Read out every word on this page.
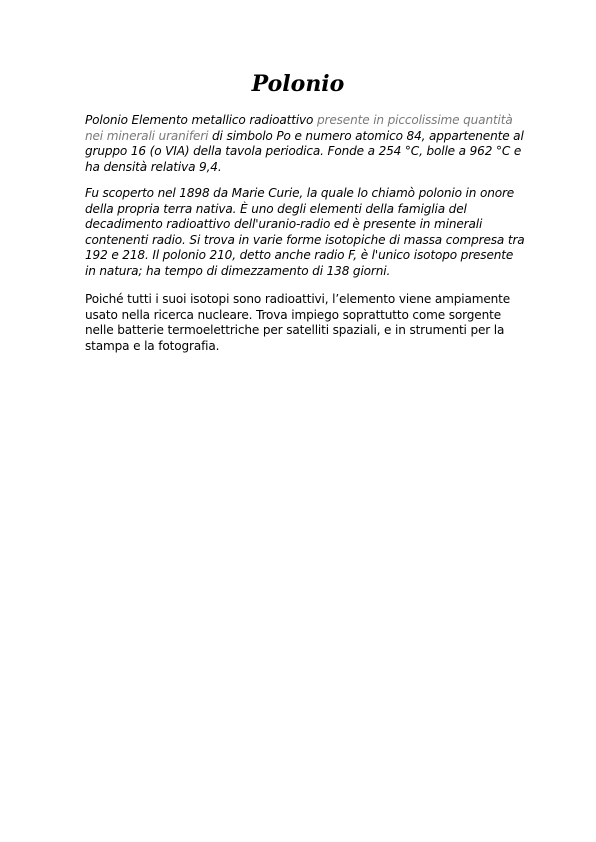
Polonio

Polonio Elemento metallico radioattivo presente in piccolissime quantità nei minerali uraniferi di simbolo Po e numero atomico 84, appartenente al gruppo 16 (o VIA) della tavola periodica. Fonde a 254 °C, bolle a 962 °C e ha densità relativa 9,4.

Fu scoperto nel 1898 da Marie Curie, la quale lo chiamò polonio in onore della propria terra nativa. È uno degli elementi della famiglia del decadimento radioattivo dell'uranio-radio ed è presente in minerali contenenti radio. Si trova in varie forme isotopiche di massa compresa tra 192 e 218. Il polonio 210, detto anche radio F, è l'unico isotopo presente in natura; ha tempo di dimezzamento di 138 giorni.

Poiché tutti i suoi isotopi sono radioattivi, l’elemento viene ampiamente usato nella ricerca nucleare. Trova impiego soprattutto come sorgente nelle batterie termoelettriche per satelliti spaziali, e in strumenti per la stampa e la fotografia.
